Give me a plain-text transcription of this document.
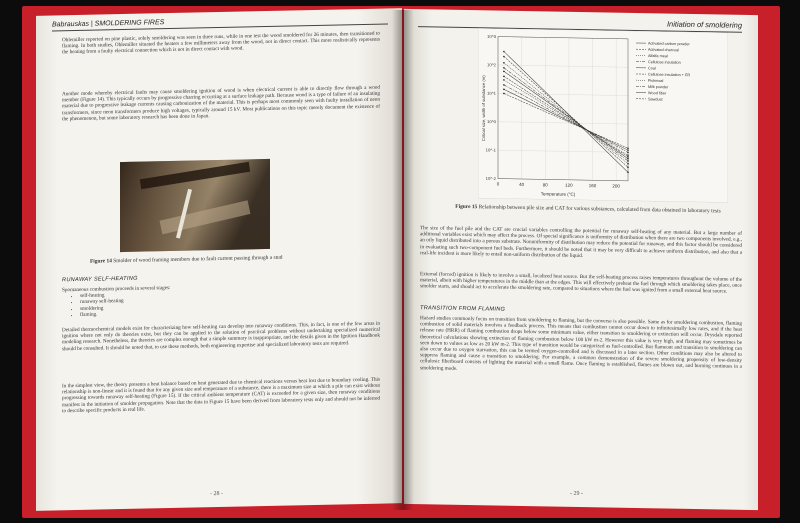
Babrauskas | SMOLDERING FIRES
Ohlemiller reported on pine plastic, solely smoldering was seen in three runs, while in one test the wood smoldered for 26 minutes, then transitioned to flaming. In both studies, Ohlemiller situated the heaters a few millimeters away from the wood, not in direct contact. This more realistically represents the heating from a faulty electrical connection which is not in direct contact with wood.
Another mode whereby electrical faults may cause smoldering ignition of wood is when electrical current is able to directly flow through a wood member (Figure 14). This typically occurs by progressive charring occurring at a surface leakage path. Because wood is a type of failure of an insulating material due to progressive leakage currents causing carbonization of the material. This is perhaps most commonly seen with faulty installation of neon transformers, since neon transformers produce high voltages, typically around 15 kV. Most publications on this topic merely document the existence of the phenomenon, but some laboratory research has been done in Japan.
Figure 14 Smolder of wood framing members due to fault current passing through a stud
RUNAWAY SELF-HEATING
Spontaneous combustion proceeds in several stages:
• self-heating
• runaway self-heating
• smoldering
• flaming.
Detailed thermochemical models exist for characterizing how self-heating can develop into runaway conditions. This, in fact, is one of the few areas in ignition where not only do theories exist, but they can be applied to the solution of practical problems without undertaking specialized numerical modeling research. Nonetheless, the theories are complex enough that a simple summary is inappropriate, and the details given in the Ignition Handbook should be consulted. It should be noted that, to use these methods, both engineering expertise and specialized laboratory tests are required.
In the simplest view, the theory presents a heat balance based on heat generated due to chemical reactions versus heat lost due to boundary cooling. This relationship is non-linear and it is found that for any given size and temperature of a substance, there is a maximum size at which a pile can exist without progressing towards runaway self-heating (Figure 15). If the critical ambient temperature (CAT) is exceeded for a given size, then runaway conditions manifest in the initiation of smolder propagation. Note that the data in Figure 15 have been derived from laboratory tests only and should not be inferred to describe specific products in real life.
- 28 -
Initiation of smoldering
0	40	80	120	160	200
10^-2
10^-1
10^0
10^1
10^2
10^3
Activated carbon powder
Activated charcoal
Alfalfa meal
Cellulose insulation
Coal
Cellulose insulation + FR
Fishmeal
Milk powder
Wood fiber
Sawdust
Temperature (°C)
Critical size, width of substance (m)
Figure 15 Relationship between pile size and CAT for various substances, calculated from data obtained in laboratory tests
The size of the fuel pile and the CAT are crucial variables controlling the potential for runaway self-heating of any material. But a large number of additional variables exist which may affect the process. Of special significance is uniformity of distribution when there are two components involved, e.g., an oily liquid distributed into a porous substrate. Nonuniformity of distribution may reduce the potential for runaway, and this factor should be considered in evaluating such two-component fuel beds. Furthermore, it should be noted that it may be very difficult to achieve uniform distribution, and also that a real-life incident is more likely to entail non-uniform distribution of the liquid.
External (forced) ignition is likely to involve a small, localized heat source. But the self-heating process raises temperatures throughout the volume of the material, albeit with higher temperatures in the middle than at the edges. This will effectively preheat the fuel through which smoldering takes place, once smolder starts, and should act to accelerate the smoldering rate, compared to situations where the fuel was ignited from a small external heat source.
TRANSITION FROM FLAMING
Hazard studies commonly focus on transition from smoldering to flaming, but the converse is also possible. Same as for smoldering combustion, flaming combustion of solid materials involves a feedback process. This means that combustion cannot occur down to infinitesimally low rates, and if the heat release rate (HRR) of flaming combustion drops below some minimum value, either transition to smoldering or extinction will occur. Drysdale reported theoretical calculations showing extinction of flaming combustion below 100 kW m-2. However this value is very high, and flaming may sometimes be seen down to values as low as 20 kW m-2. This type of transition would be categorized as fuel-controlled. But flameout and transition to smoldering can also occur due to oxygen starvation, this can be termed oxygen-controlled and is discussed in a later section. Other conditions may also be altered to suppress flaming and cause a transition to smoldering. For example, a common demonstration of the severe smoldering propensity of low-density cellulosic fiberboard consists of lighting the material with a small flame. Once flaming is established, flames are blown out, and burning continues in a smoldering mode.
- 29 -
